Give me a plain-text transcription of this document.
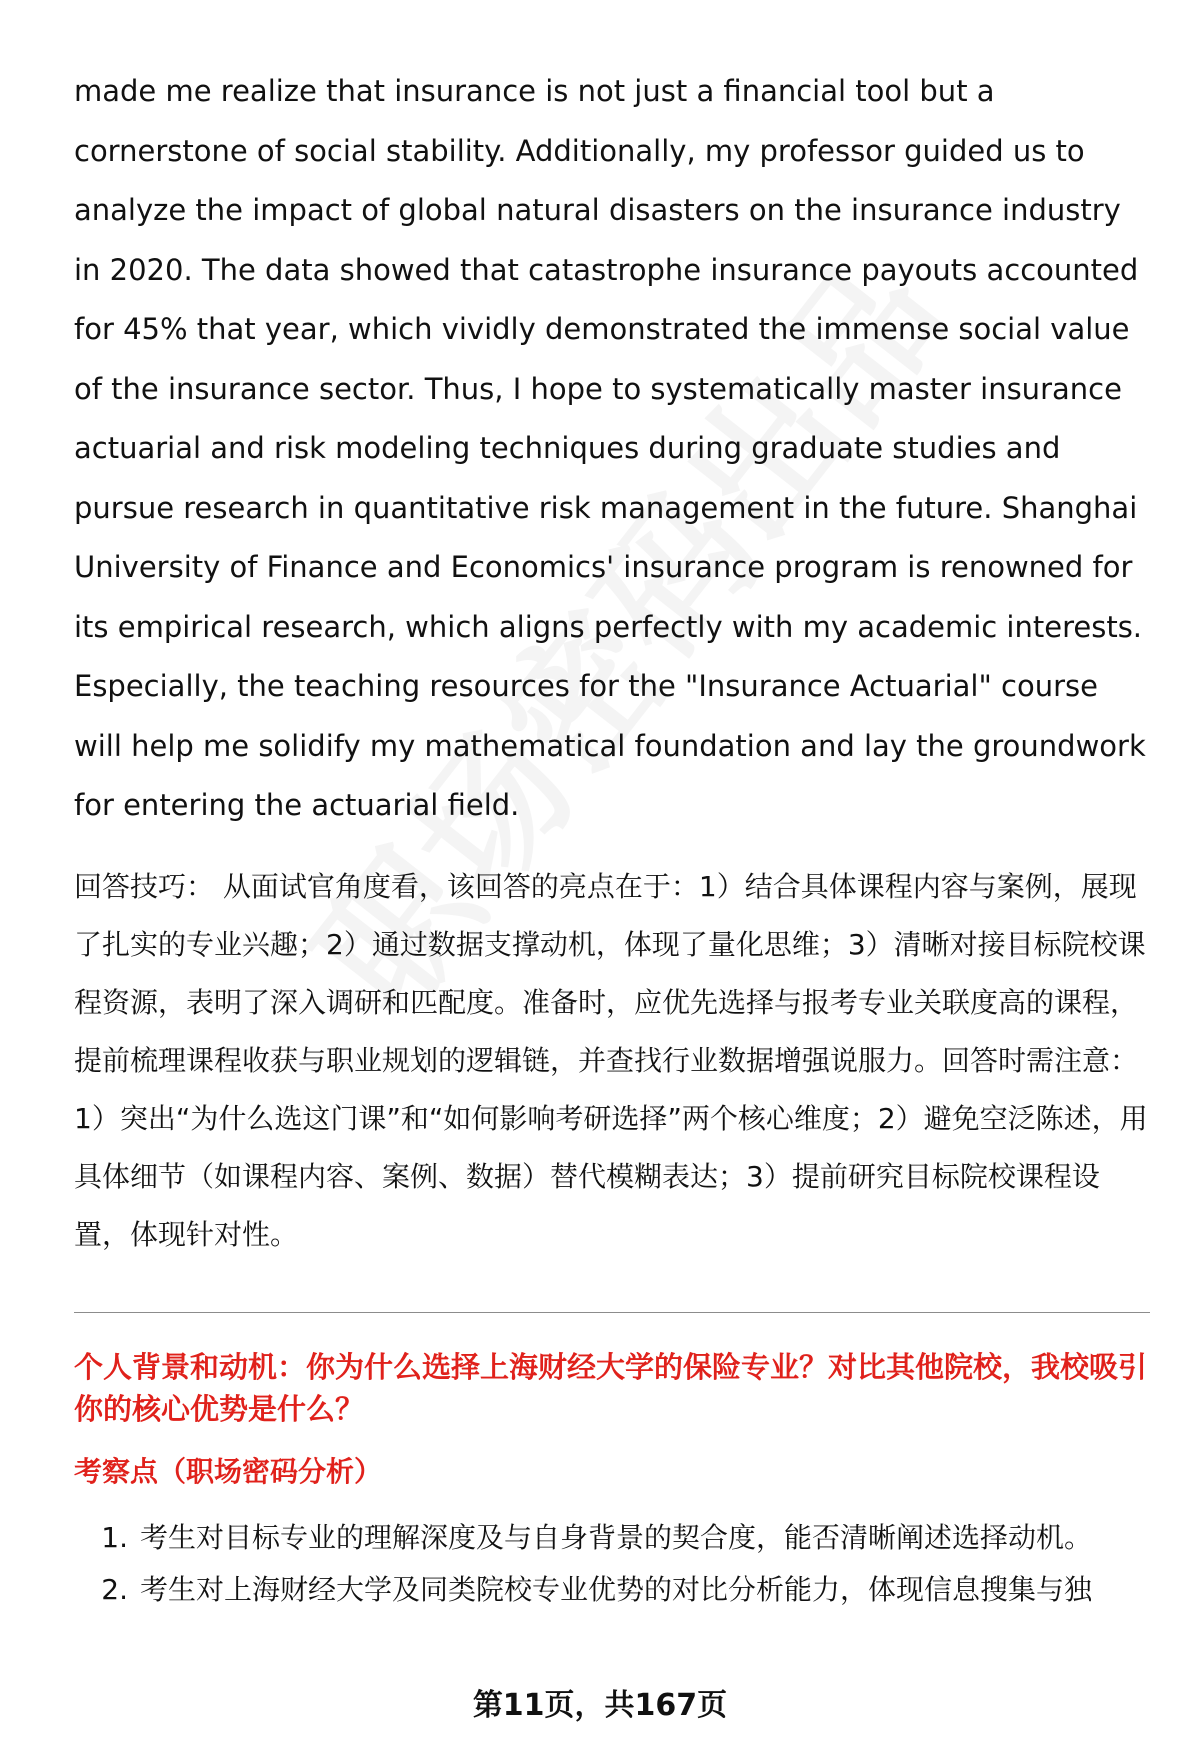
made me realize that insurance is not just a financial tool but a cornerstone of social stability. Additionally, my professor guided us to analyze the impact of global natural disasters on the insurance industry in 2020. The data showed that catastrophe insurance payouts accounted for 45% that year, which vividly demonstrated the immense social value of the insurance sector. Thus, I hope to systematically master insurance actuarial and risk modeling techniques during graduate studies and pursue research in quantitative risk management in the future. Shanghai University of Finance and Economics' insurance program is renowned for its empirical research, which aligns perfectly with my academic interests. Especially, the teaching resources for the "Insurance Actuarial" course will help me solidify my mathematical foundation and lay the groundwork for entering the actuarial field.

回答技巧： 从面试官角度看，该回答的亮点在于：1）结合具体课程内容与案例，展现了扎实的专业兴趣；2）通过数据支撑动机，体现了量化思维；3）清晰对接目标院校课程资源，表明了深入调研和匹配度。准备时，应优先选择与报考专业关联度高的课程，提前梳理课程收获与职业规划的逻辑链，并查找行业数据增强说服力。回答时需注意：1）突出“为什么选这门课”和“如何影响考研选择”两个核心维度；2）避免空泛陈述，用具体细节（如课程内容、案例、数据）替代模糊表达；3）提前研究目标院校课程设置，体现针对性。

个人背景和动机：你为什么选择上海财经大学的保险专业？对比其他院校，我校吸引你的核心优势是什么？
考察点（职场密码分析）
1. 考生对目标专业的理解深度及与自身背景的契合度，能否清晰阐述选择动机。
2. 考生对上海财经大学及同类院校专业优势的对比分析能力，体现信息搜集与独
第11页，共167页
